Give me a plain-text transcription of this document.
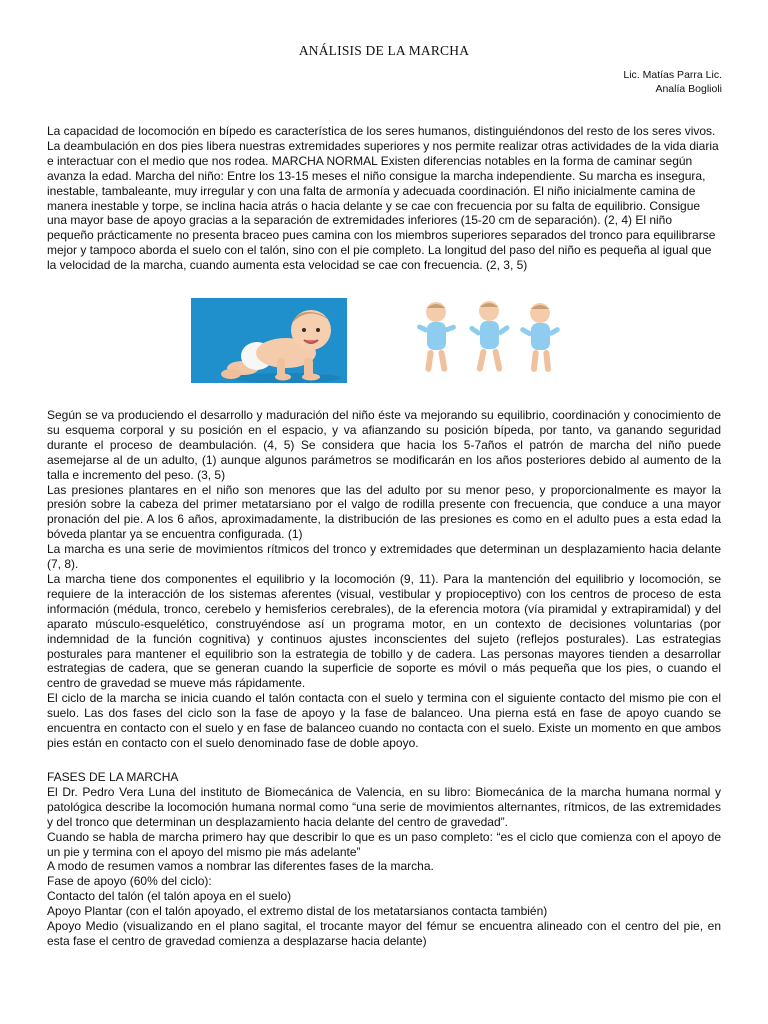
ANÁLISIS DE LA MARCHA
Lic. Matías Parra Lic.
Analía Boglioli

La capacidad de locomoción en bípedo es característica de los seres humanos, distinguiéndonos del resto de los seres vivos. La deambulación en dos pies libera nuestras extremidades superiores y nos permite realizar otras actividades de la vida diaria e interactuar con el medio que nos rodea. MARCHA NORMAL Existen diferencias notables en la forma de caminar según avanza la edad. Marcha del niño: Entre los 13-15 meses el niño consigue la marcha independiente. Su marcha es insegura, inestable, tambaleante, muy irregular y con una falta de armonía y adecuada coordinación. El niño inicialmente camina de manera inestable y torpe, se inclina hacia atrás o hacia delante y se cae con frecuencia por su falta de equilibrio. Consigue una mayor base de apoyo gracias a la separación de extremidades inferiores (15-20 cm de separación). (2, 4) El niño pequeño prácticamente no presenta braceo pues camina con los miembros superiores separados del tronco para equilibrarse mejor y tampoco aborda el suelo con el talón, sino con el pie completo. La longitud del paso del niño es pequeña al igual que la velocidad de la marcha, cuando aumenta esta velocidad se cae con frecuencia. (2, 3, 5)

Según se va produciendo el desarrollo y maduración del niño éste va mejorando su equilibrio, coordinación y conocimiento de su esquema corporal y su posición en el espacio, y va afianzando su posición bípeda, por tanto, va ganando seguridad durante el proceso de deambulación. (4, 5) Se considera que hacia los 5-7años el patrón de marcha del niño puede asemejarse al de un adulto, (1) aunque algunos parámetros se modificarán en los años posteriores debido al aumento de la talla e incremento del peso. (3, 5)

Las presiones plantares en el niño son menores que las del adulto por su menor peso, y proporcionalmente es mayor la presión sobre la cabeza del primer metatarsiano por el valgo de rodilla presente con frecuencia, que conduce a una mayor pronación del pie. A los 6 años, aproximadamente, la distribución de las presiones es como en el adulto pues a esta edad la bóveda plantar ya se encuentra configurada. (1)

La marcha es una serie de movimientos rítmicos del tronco y extremidades que determinan un desplazamiento hacia delante (7, 8).

La marcha tiene dos componentes el equilibrio y la locomoción (9, 11). Para la mantención del equilibrio y locomoción, se requiere de la interacción de los sistemas aferentes (visual, vestibular y propioceptivo) con los centros de proceso de esta información (médula, tronco, cerebelo y hemisferios cerebrales), de la eferencia motora (vía piramidal y extrapiramidal) y del aparato músculo-esquelético, construyéndose así un programa motor, en un contexto de decisiones voluntarias (por indemnidad de la función cognitiva) y continuos ajustes inconscientes del sujeto (reflejos posturales). Las estrategias posturales para mantener el equilibrio son la estrategia de tobillo y de cadera. Las personas mayores tienden a desarrollar estrategias de cadera, que se generan cuando la superficie de soporte es móvil o más pequeña que los pies, o cuando el centro de gravedad se mueve más rápidamente.

El ciclo de la marcha se inicia cuando el talón contacta con el suelo y termina con el siguiente contacto del mismo pie con el suelo. Las dos fases del ciclo son la fase de apoyo y la fase de balanceo. Una pierna está en fase de apoyo cuando se encuentra en contacto con el suelo y en fase de balanceo cuando no contacta con el suelo. Existe un momento en que ambos pies están en contacto con el suelo denominado fase de doble apoyo.

FASES DE LA MARCHA

El Dr. Pedro Vera Luna del instituto de Biomecánica de Valencia, en su libro: Biomecánica de la marcha humana normal y patológica describe la locomoción humana normal como “una serie de movimientos alternantes, rítmicos, de las extremidades y del tronco que determinan un desplazamiento hacia delante del centro de gravedad”.

Cuando se habla de marcha primero hay que describir lo que es un paso completo: “es el ciclo que comienza con el apoyo de un pie y termina con el apoyo del mismo pie más adelante”

A modo de resumen vamos a nombrar las diferentes fases de la marcha.

Fase de apoyo (60% del ciclo):

Contacto del talón (el talón apoya en el suelo)

Apoyo Plantar (con el talón apoyado, el extremo distal de los metatarsianos contacta también)

Apoyo Medio (visualizando en el plano sagital, el trocante mayor del fémur se encuentra alineado con el centro del pie, en esta fase el centro de gravedad comienza a desplazarse hacia delante)
